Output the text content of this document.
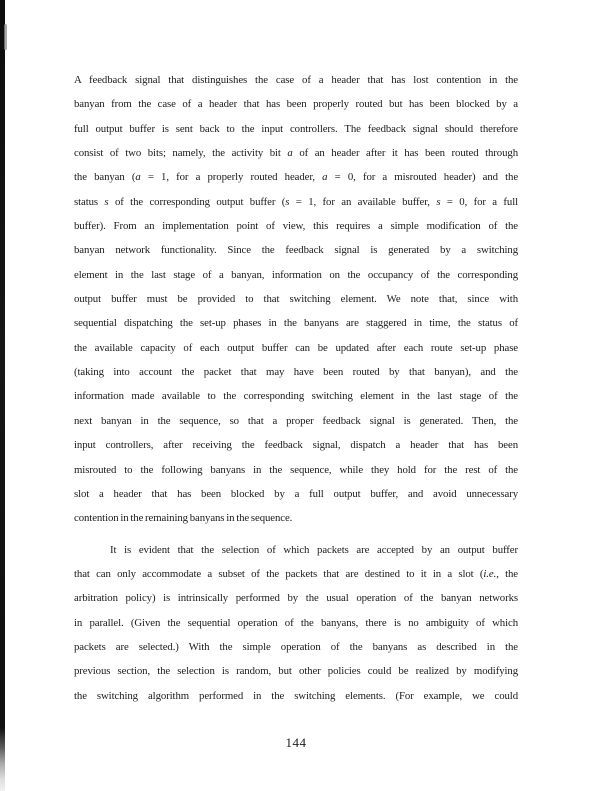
A feedback signal that distinguishes the case of a header that has lost contention in the
banyan from the case of a header that has been properly routed but has been blocked by a
full output buffer is sent back to the input controllers. The feedback signal should therefore
consist of two bits; namely, the activity bit a of an header after it has been routed through
the banyan (a = 1, for a properly routed header, a = 0, for a misrouted header) and the
status s of the corresponding output buffer (s = 1, for an available buffer, s = 0, for a full
buffer). From an implementation point of view, this requires a simple modification of the
banyan network functionality. Since the feedback signal is generated by a switching
element in the last stage of a banyan, information on the occupancy of the corresponding
output buffer must be provided to that switching element. We note that, since with
sequential dispatching the set-up phases in the banyans are staggered in time, the status of
the available capacity of each output buffer can be updated after each route set-up phase
(taking into account the packet that may have been routed by that banyan), and the
information made available to the corresponding switching element in the last stage of the
next banyan in the sequence, so that a proper feedback signal is generated. Then, the
input controllers, after receiving the feedback signal, dispatch a header that has been
misrouted to the following banyans in the sequence, while they hold for the rest of the
slot a header that has been blocked by a full output buffer, and avoid unnecessary
contention in the remaining banyans in the sequence.
It is evident that the selection of which packets are accepted by an output buffer
that can only accommodate a subset of the packets that are destined to it in a slot (i.e., the
arbitration policy) is intrinsically performed by the usual operation of the banyan networks
in parallel. (Given the sequential operation of the banyans, there is no ambiguity of which
packets are selected.) With the simple operation of the banyans as described in the
previous section, the selection is random, but other policies could be realized by modifying
the switching algorithm performed in the switching elements. (For example, we could
144
